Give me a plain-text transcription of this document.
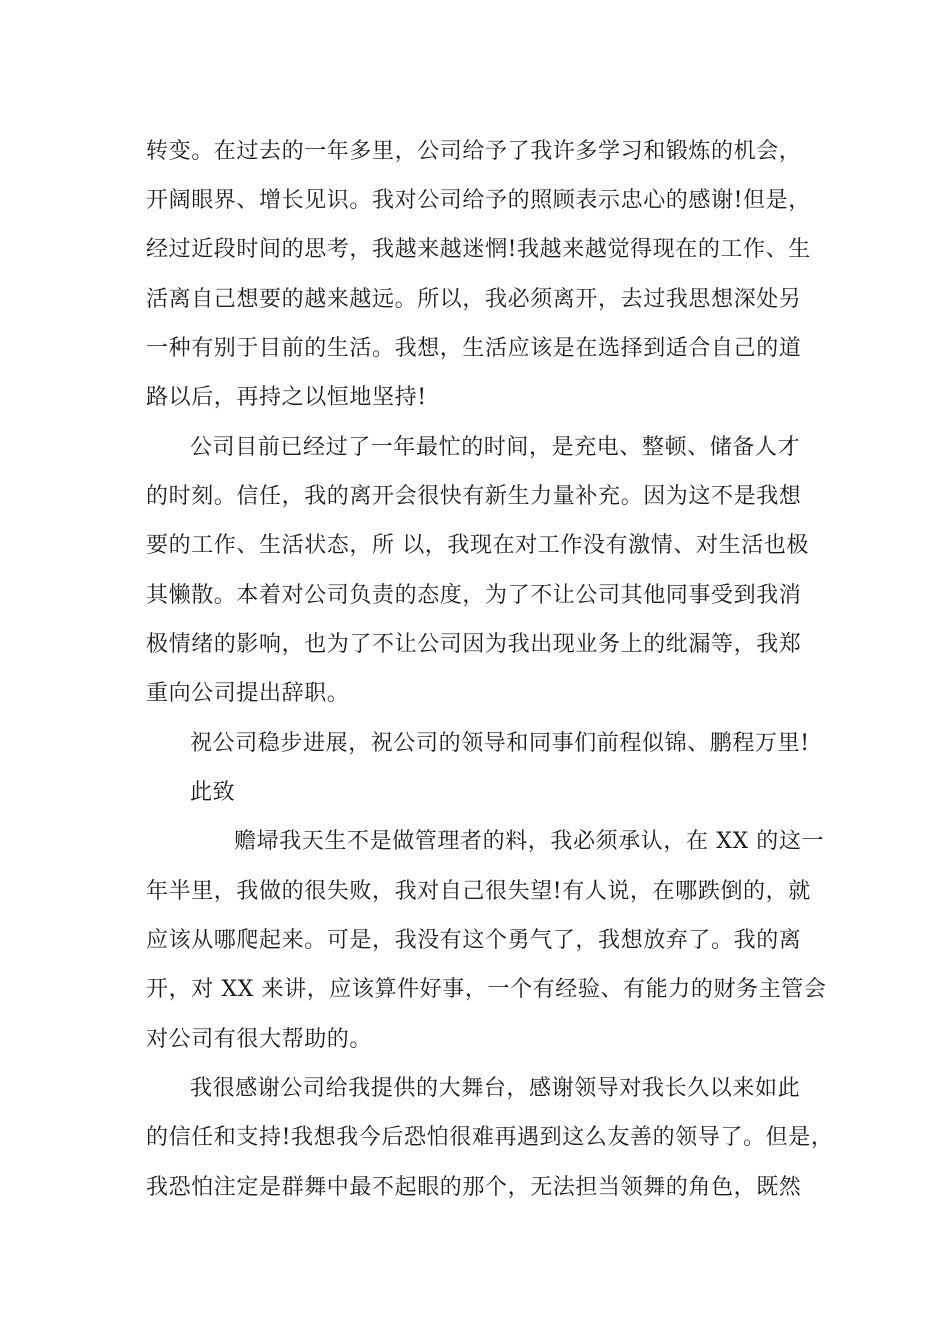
转变。在过去的一年多里，公司给予了我许多学习和锻炼的机会，
开阔眼界、增长见识。我对公司给予的照顾表示忠心的感谢!但是，
经过近段时间的思考，我越来越迷惘!我越来越觉得现在的工作、生
活离自己想要的越来越远。所以，我必须离开，去过我思想深处另
一种有别于目前的生活。我想，生活应该是在选择到适合自己的道
路以后，再持之以恒地坚持!
公司目前已经过了一年最忙的时间，是充电、整顿、储备人才
的时刻。信任，我的离开会很快有新生力量补充。因为这不是我想
要的工作、生活状态，所 以，我现在对工作没有激情、对生活也极
其懒散。本着对公司负责的态度，为了不让公司其他同事受到我消
极情绪的影响，也为了不让公司因为我出现业务上的纰漏等，我郑
重向公司提出辞职。
祝公司稳步进展，祝公司的领导和同事们前程似锦、鹏程万里!
此致
赡埽我天生不是做管理者的料，我必须承认，在 XX 的这一
年半里，我做的很失败，我对自己很失望!有人说，在哪跌倒的，就
应该从哪爬起来。可是，我没有这个勇气了，我想放弃了。我的离
开，对 XX 来讲，应该算件好事，一个有经验、有能力的财务主管会
对公司有很大帮助的。
我很感谢公司给我提供的大舞台，感谢领导对我长久以来如此
的信任和支持!我想我今后恐怕很难再遇到这么友善的领导了。但是，
我恐怕注定是群舞中最不起眼的那个，无法担当领舞的角色，既然
